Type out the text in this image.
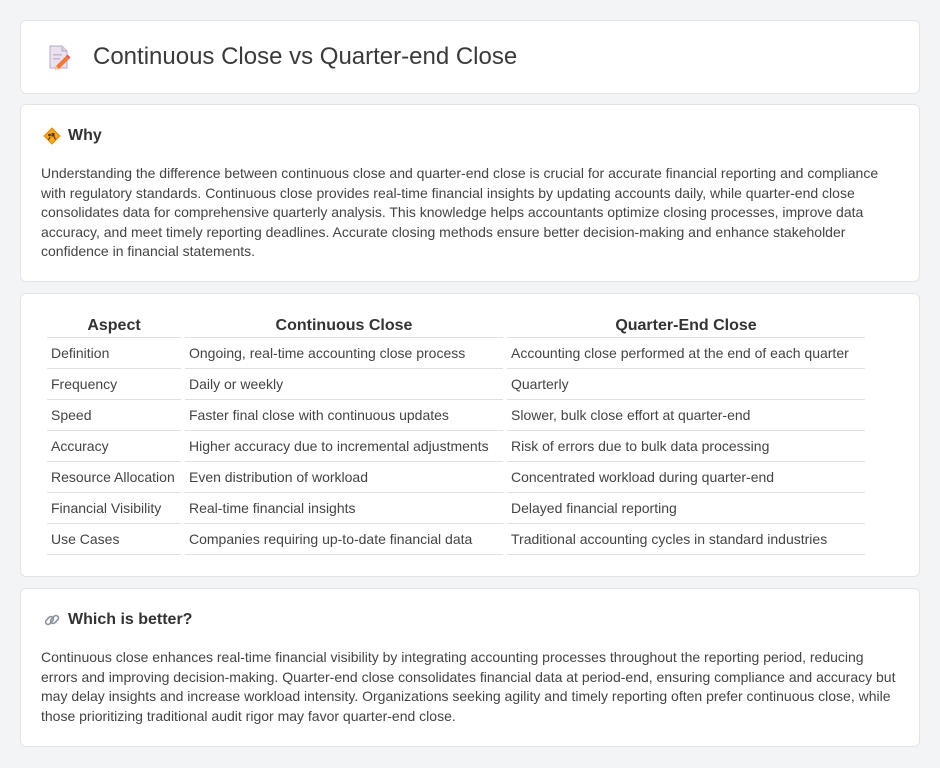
Continuous Close vs Quarter-end Close
Why

Understanding the difference between continuous close and quarter-end close is crucial for accurate financial reporting and compliance with regulatory standards. Continuous close provides real-time financial insights by updating accounts daily, while quarter-end close consolidates data for comprehensive quarterly analysis. This knowledge helps accountants optimize closing processes, improve data accuracy, and meet timely reporting deadlines. Accurate closing methods ensure better decision-making and enhance stakeholder confidence in financial statements.

Aspect	Continuous Close	Quarter-End Close
Definition	Ongoing, real-time accounting close process	Accounting close performed at the end of each quarter
Frequency	Daily or weekly	Quarterly
Speed	Faster final close with continuous updates	Slower, bulk close effort at quarter-end
Accuracy	Higher accuracy due to incremental adjustments	Risk of errors due to bulk data processing
Resource Allocation	Even distribution of workload	Concentrated workload during quarter-end
Financial Visibility	Real-time financial insights	Delayed financial reporting
Use Cases	Companies requiring up-to-date financial data	Traditional accounting cycles in standard industries
Which is better?

Continuous close enhances real-time financial visibility by integrating accounting processes throughout the reporting period, reducing errors and improving decision-making. Quarter-end close consolidates financial data at period-end, ensuring compliance and accuracy but may delay insights and increase workload intensity. Organizations seeking agility and timely reporting often prefer continuous close, while those prioritizing traditional audit rigor may favor quarter-end close.
